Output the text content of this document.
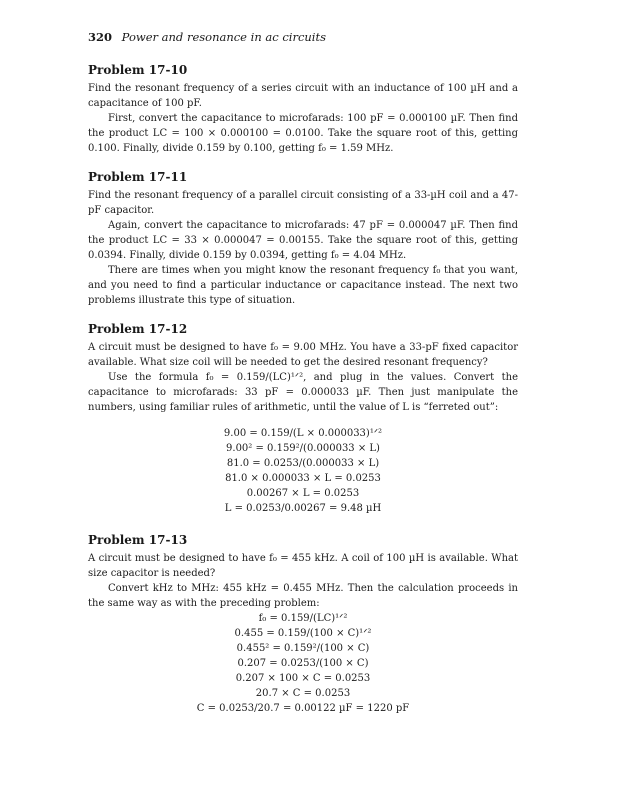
320 Power and resonance in ac circuits
Problem 17-10

Find the resonant frequency of a series circuit with an inductance of 100 µH and a capacitance of 100 pF.

First, convert the capacitance to microfarads: 100 pF = 0.000100 µF. Then find the product LC = 100 × 0.000100 = 0.0100. Take the square root of this, getting 0.100. Finally, divide 0.159 by 0.100, getting f₀ = 1.59 MHz.

Problem 17-11

Find the resonant frequency of a parallel circuit consisting of a 33-µH coil and a 47-pF capacitor.

Again, convert the capacitance to microfarads: 47 pF = 0.000047 µF. Then find the product LC = 33 × 0.000047 = 0.00155. Take the square root of this, getting 0.0394. Finally, divide 0.159 by 0.0394, getting f₀ = 4.04 MHz.

There are times when you might know the resonant frequency f₀ that you want, and you need to find a particular inductance or capacitance instead. The next two problems illustrate this type of situation.

Problem 17-12

A circuit must be designed to have f₀ = 9.00 MHz. You have a 33-pF fixed capacitor available. What size coil will be needed to get the desired resonant frequency?

Use the formula f₀ = 0.159/(LC)¹ᐟ², and plug in the values. Convert the capacitance to microfarads: 33 pF = 0.000033 µF. Then just manipulate the numbers, using familiar rules of arithmetic, until the value of L is “ferreted out”:

9.00 = 0.159/(L × 0.000033)¹ᐟ²
9.00² = 0.159²/(0.000033 × L)
81.0 = 0.0253/(0.000033 × L)
81.0 × 0.000033 × L = 0.0253
0.00267 × L = 0.0253
L = 0.0253/0.00267 = 9.48 µH
Problem 17-13

A circuit must be designed to have f₀ = 455 kHz. A coil of 100 µH is available. What size capacitor is needed?

Convert kHz to MHz: 455 kHz = 0.455 MHz. Then the calculation proceeds in the same way as with the preceding problem:

f₀ = 0.159/(LC)¹ᐟ²
0.455 = 0.159/(100 × C)¹ᐟ²
0.455² = 0.159²/(100 × C)
0.207 = 0.0253/(100 × C)
0.207 × 100 × C = 0.0253
20.7 × C = 0.0253
C = 0.0253/20.7 = 0.00122 µF = 1220 pF
